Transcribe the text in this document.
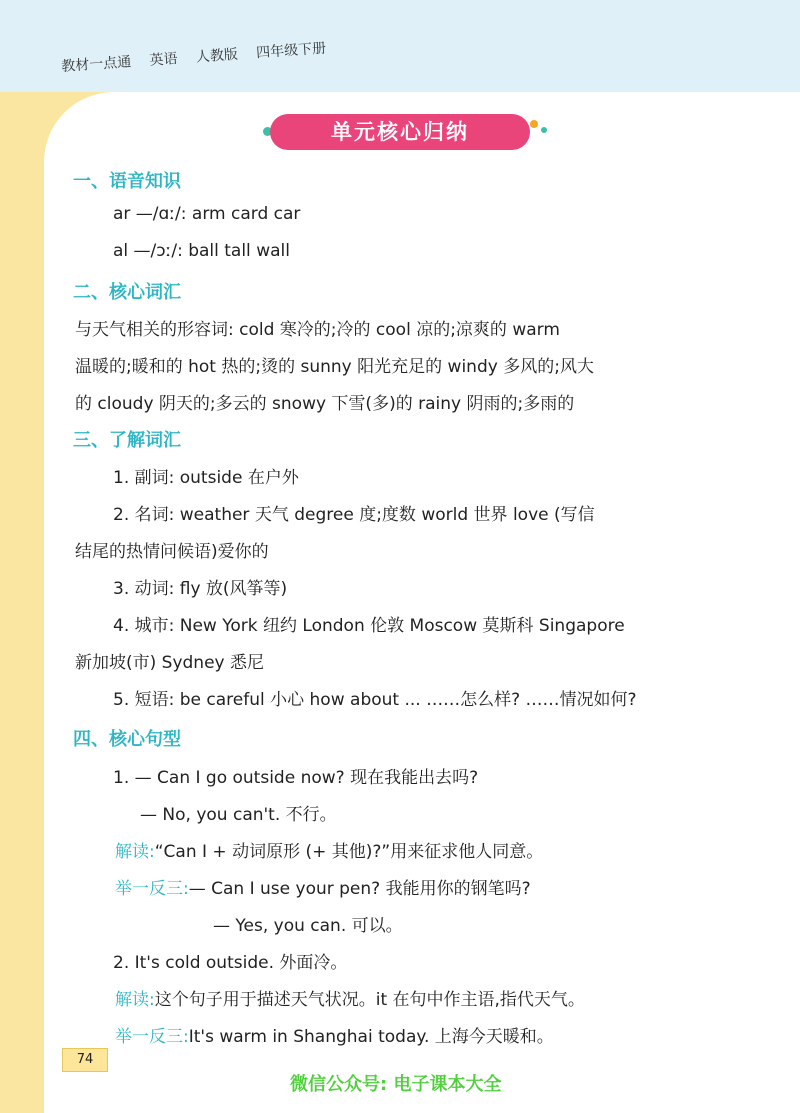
教材一点通 英语 人教版 四年级下册
单元核心归纳
一、语音知识
ar —/ɑː/: arm card car
al —/ɔː/: ball tall wall
二、核心词汇
与天气相关的形容词: cold 寒冷的;冷的 cool 凉的;凉爽的 warm
温暖的;暖和的 hot 热的;烫的 sunny 阳光充足的 windy 多风的;风大
的 cloudy 阴天的;多云的 snowy 下雪(多)的 rainy 阴雨的;多雨的
三、了解词汇
1. 副词: outside 在户外
2. 名词: weather 天气 degree 度;度数 world 世界 love (写信
结尾的热情问候语)爱你的
3. 动词: fly 放(风筝等)
4. 城市: New York 纽约 London 伦敦 Moscow 莫斯科 Singapore
新加坡(市) Sydney 悉尼
5. 短语: be careful 小心 how about ... ……怎么样? ……情况如何?
四、核心句型
1. — Can I go outside now? 现在我能出去吗?
— No, you can't. 不行。
解读:“Can I + 动词原形 (+ 其他)?”用来征求他人同意。
举一反三:— Can I use your pen? 我能用你的钢笔吗?
— Yes, you can. 可以。
2. It's cold outside. 外面冷。
解读:这个句子用于描述天气状况。it 在句中作主语,指代天气。
举一反三:It's warm in Shanghai today. 上海今天暖和。
74
微信公众号: 电子课本大全
